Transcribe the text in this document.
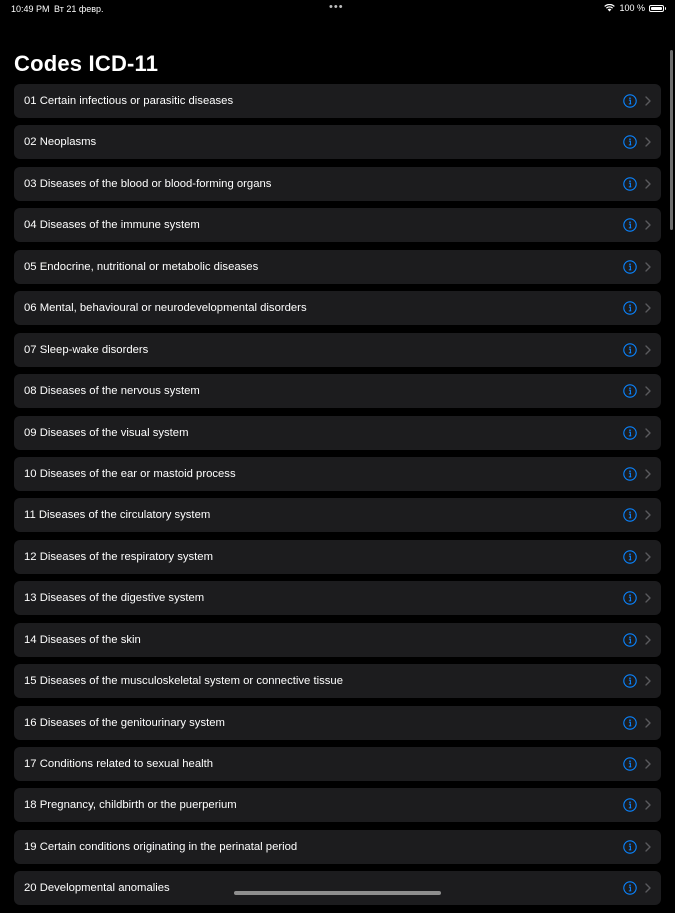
10:49 PM Вт 21 февр.	•••	100 %
Codes ICD-11
01 Certain infectious or parasitic diseases
02 Neoplasms
03 Diseases of the blood or blood-forming organs
04 Diseases of the immune system
05 Endocrine, nutritional or metabolic diseases
06 Mental, behavioural or neurodevelopmental disorders
07 Sleep-wake disorders
08 Diseases of the nervous system
09 Diseases of the visual system
10 Diseases of the ear or mastoid process
11 Diseases of the circulatory system
12 Diseases of the respiratory system
13 Diseases of the digestive system
14 Diseases of the skin
15 Diseases of the musculoskeletal system or connective tissue
16 Diseases of the genitourinary system
17 Conditions related to sexual health
18 Pregnancy, childbirth or the puerperium
19 Certain conditions originating in the perinatal period
20 Developmental anomalies
